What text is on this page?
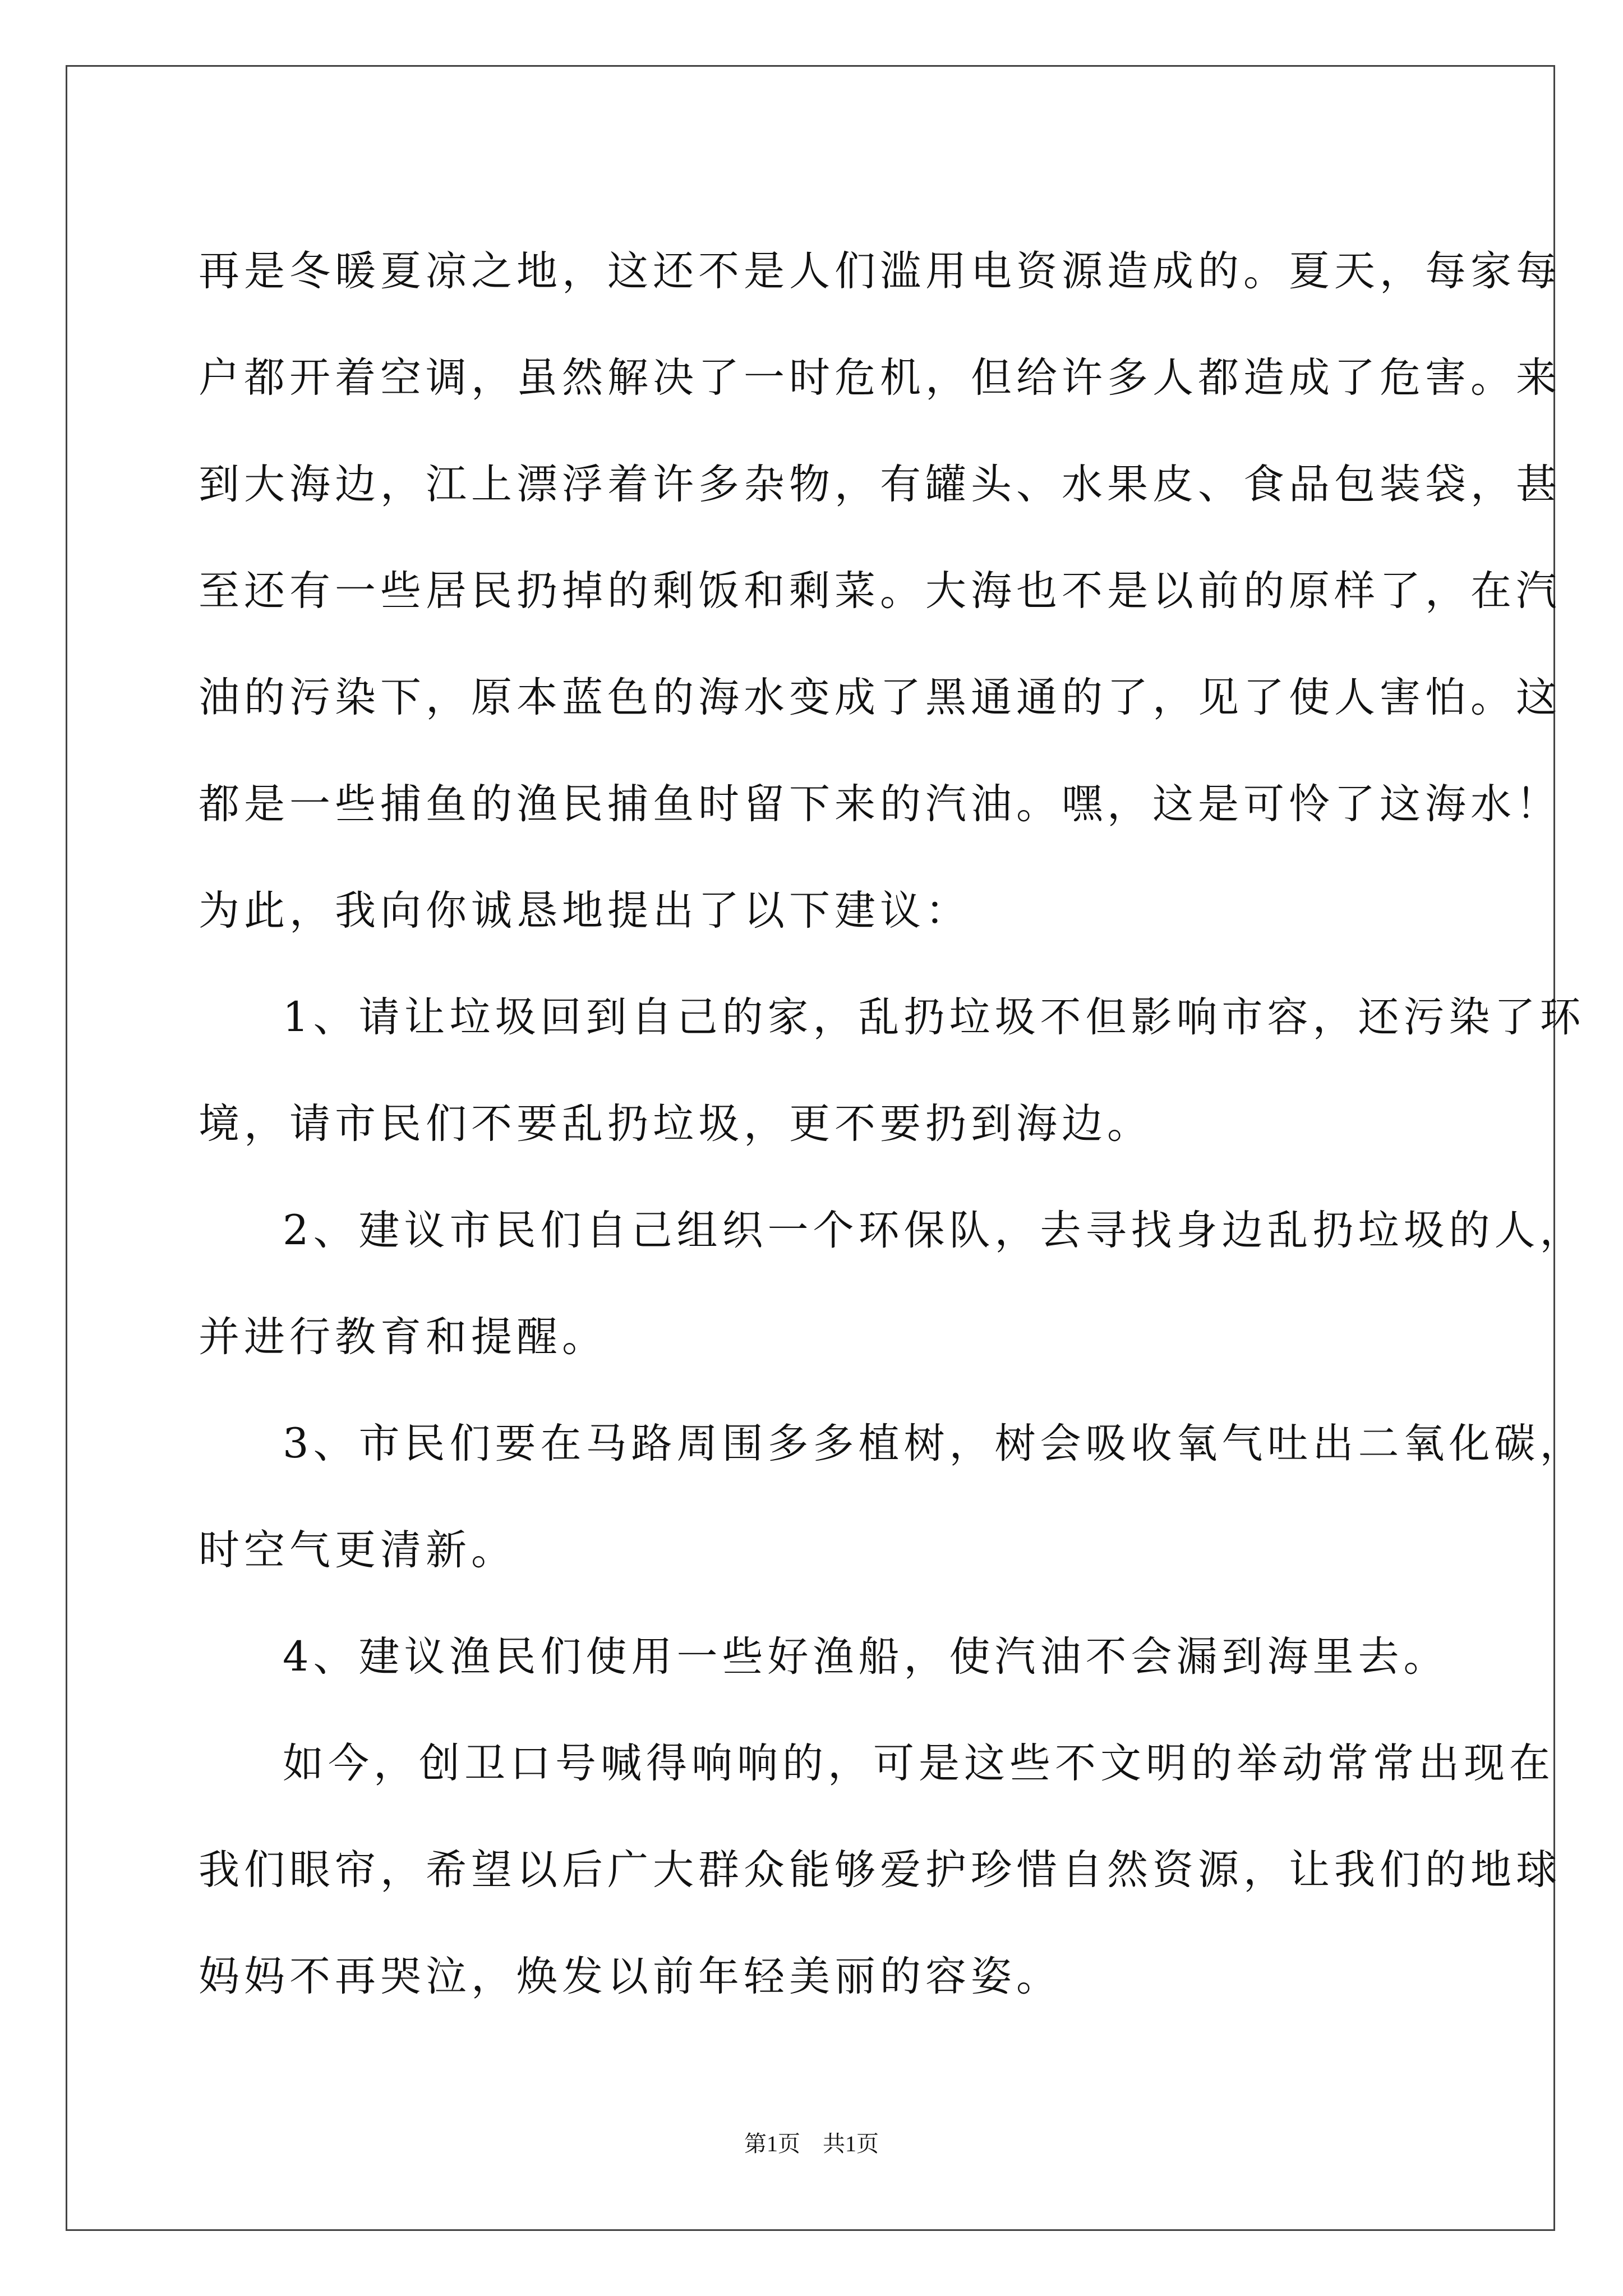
再是冬暖夏凉之地，这还不是人们滥用电资源造成的。夏天，每家每
户都开着空调，虽然解决了一时危机，但给许多人都造成了危害。来
到大海边，江上漂浮着许多杂物，有罐头、水果皮、食品包装袋，甚
至还有一些居民扔掉的剩饭和剩菜。大海也不是以前的原样了，在汽
油的污染下，原本蓝色的海水变成了黑通通的了，见了使人害怕。这
都是一些捕鱼的渔民捕鱼时留下来的汽油。嘿，这是可怜了这海水！
为此，我向你诚恳地提出了以下建议：
1、请让垃圾回到自己的家，乱扔垃圾不但影响市容，还污染了环
境，请市民们不要乱扔垃圾，更不要扔到海边。
2、建议市民们自己组织一个环保队，去寻找身边乱扔垃圾的人，
并进行教育和提醒。
3、市民们要在马路周围多多植树，树会吸收氧气吐出二氧化碳，
时空气更清新。
4、建议渔民们使用一些好渔船，使汽油不会漏到海里去。
如今，创卫口号喊得响响的，可是这些不文明的举动常常出现在
我们眼帘，希望以后广大群众能够爱护珍惜自然资源，让我们的地球
妈妈不再哭泣，焕发以前年轻美丽的容姿。
第1页　共1页
